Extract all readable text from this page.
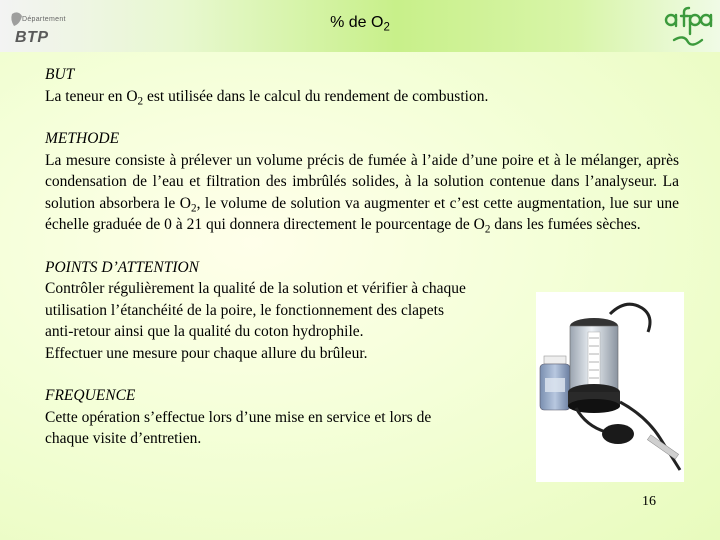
Département
BTP
% de $O_2$
BUT
La teneur en $O_2$ est utilisée dans le calcul du rendement de combustion.
METHODE
La mesure consiste à prélever un volume précis de fumée à l’aide d’une poire et à le mélanger, après condensation de l’eau et filtration des imbrûlés solides, à la solution contenue dans l’analyseur. La solution absorbera le $O_2$, le volume de solution va augmenter et c’est cette augmentation, lue sur une échelle graduée de 0 à 21 qui donnera directement le pourcentage de $O_2$ dans les fumées sèches.
POINTS D’ATTENTION
Contrôler régulièrement la qualité de la solution et vérifier à chaque
utilisation l’étanchéité de la poire, le fonctionnement des clapets
anti-retour ainsi que la qualité du coton hydrophile.
Effectuer une mesure pour chaque allure du brûleur.
FREQUENCE
Cette opération s’effectue lors d’une mise en service et lors de
chaque visite d’entretien.
16
